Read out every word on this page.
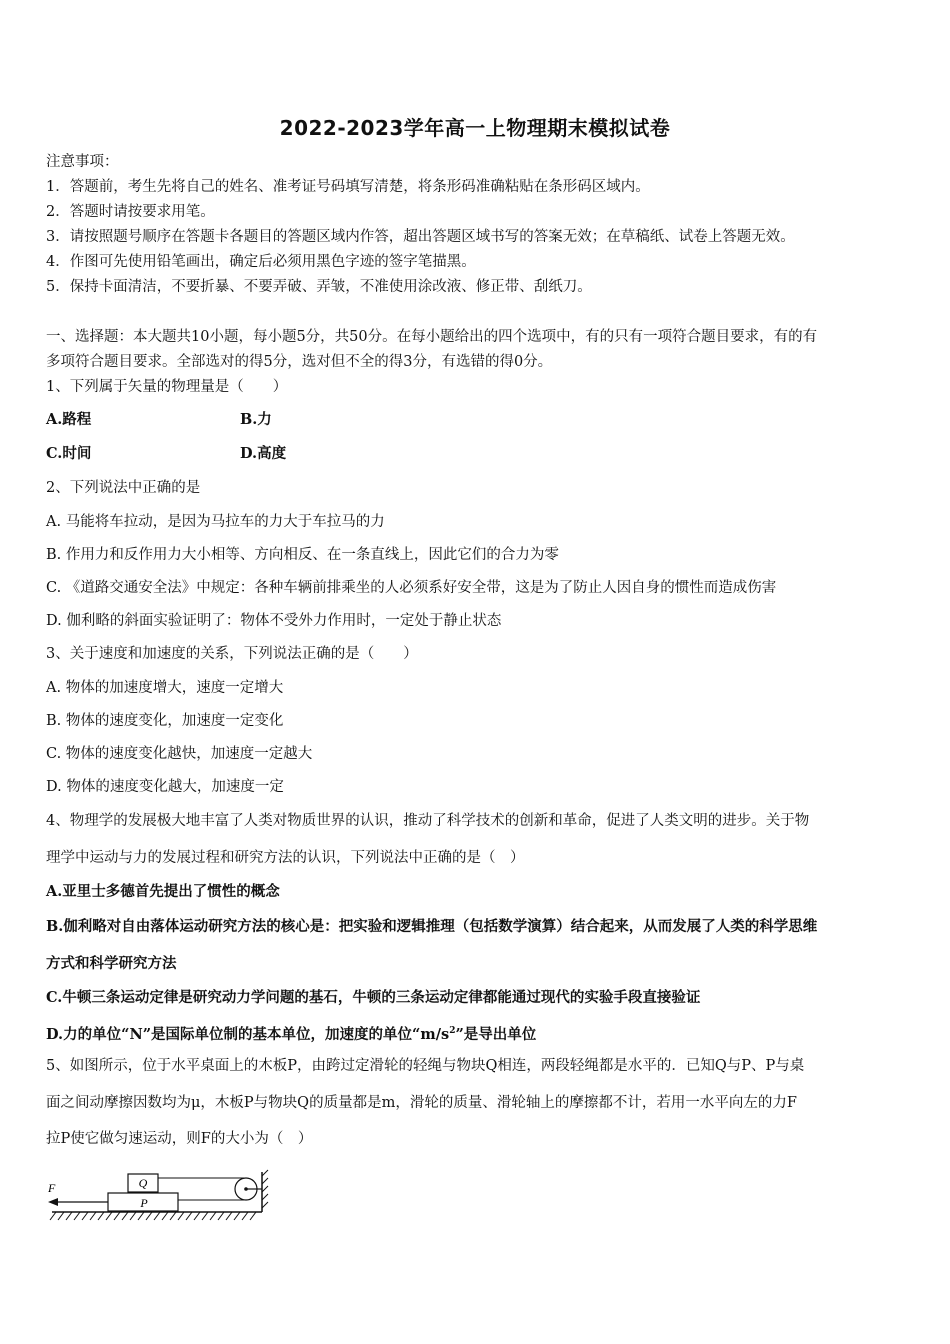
2022-2023学年高一上物理期末模拟试卷
注意事项：
1．答题前，考生先将自己的姓名、准考证号码填写清楚，将条形码准确粘贴在条形码区域内。
2．答题时请按要求用笔。
3．请按照题号顺序在答题卡各题目的答题区域内作答，超出答题区域书写的答案无效；在草稿纸、试卷上答题无效。
4．作图可先使用铅笔画出，确定后必须用黑色字迹的签字笔描黑。
5．保持卡面清洁，不要折暴、不要弄破、弄皱，不准使用涂改液、修正带、刮纸刀。
一、选择题：本大题共10小题，每小题5分，共50分。在每小题给出的四个选项中，有的只有一项符合题目要求，有的有
多项符合题目要求。全部选对的得5分，选对但不全的得3分，有选错的得0分。
1、下列属于矢量的物理量是（　　）
A.路程	B.力
C.时间	D.高度
2、下列说法中正确的是
A. 马能将车拉动，是因为马拉车的力大于车拉马的力
B. 作用力和反作用力大小相等、方向相反、在一条直线上，因此它们的合力为零
C. 《道路交通安全法》中规定：各种车辆前排乘坐的人必须系好安全带，这是为了防止人因自身的惯性而造成伤害
D. 伽利略的斜面实验证明了：物体不受外力作用时，一定处于静止状态
3、关于速度和加速度的关系，下列说法正确的是（　　）
A. 物体的加速度增大，速度一定增大
B. 物体的速度变化，加速度一定变化
C. 物体的速度变化越快，加速度一定越大
D. 物体的速度变化越大，加速度一定
4、物理学的发展极大地丰富了人类对物质世界的认识，推动了科学技术的创新和革命，促进了人类文明的进步。关于物
理学中运动与力的发展过程和研究方法的认识，下列说法中正确的是（　）
A.亚里士多德首先提出了惯性的概念
B.伽利略对自由落体运动研究方法的核心是：把实验和逻辑推理（包括数学演算）结合起来，从而发展了人类的科学思维
方式和科学研究方法
C.牛顿三条运动定律是研究动力学问题的基石，牛顿的三条运动定律都能通过现代的实验手段直接验证
D.力的单位“N”是国际单位制的基本单位，加速度的单位“$m/s^2$”是导出单位
5、如图所示，位于水平桌面上的木板P，由跨过定滑轮的轻绳与物块Q相连，两段轻绳都是水平的．已知Q与P、P与桌
面之间动摩擦因数均为μ，木板P与物块Q的质量都是m，滑轮的质量、滑轮轴上的摩擦都不计，若用一水平向左的力F
拉P使它做匀速运动，则F的大小为（　）
F	Q
P
